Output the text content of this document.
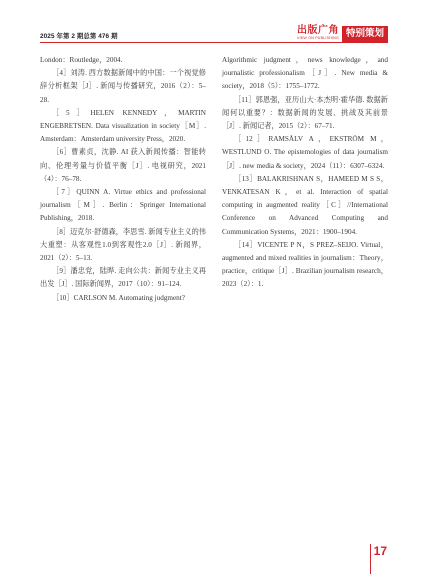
2025 年第 2 期总第 476 期
出版广角
VIEW ON PUBLISHING 特别策划

London：Routledge，2004.

［4］刘涛. 西方数据新闻中的中国：一个视觉修辞分析框架［J］. 新闻与传播研究，2016（2）：5–28.

［5］HELEN KENNEDY，MARTIN ENGEBRETSEN. Data visualization in society［M］. Amsterdam：Amsterdam university Press，2020.

［6］曹素贞，沈静. AI 获入新闻传播：智能转向、伦理考量与价值平衡［J］. 电视研究，2021（4）：76–78.

［7］QUINN A. Virtue ethics and professional journalism［M］. Berlin：Springer International Publishing，2018.

［8］迈克尔·舒德森，李思雪. 新闻专业主义的伟大重塑：从客观性1.0到客观性2.0［J］. 新闻界，2021（2）：5–13.

［9］潘忠党，陆晔. 走向公共：新闻专业主义再出发［J］. 国际新闻界，2017（10）：91–124.

［10］CARLSON M. Automating judgment?

Algorithmic judgment，news knowledge，and journalistic professionalism［J］. New media & society，2018（5）：1755–1772.

［11］郭恩强，亚历山大·本杰明·霍华德. 数据新闻何以重要？：数据新闻的发展、挑战及其前景［J］. 新闻记者，2015（2）：67–71.

［12］RAMSÅLV A，EKSTRÖM M，WESTLUND O. The epistemologies of data journalism［J］. new media & society，2024（11）：6307–6324.

［13］BALAKRISHNAN S，HAMEED M S S，VENKATESAN K，et al. Interaction of spatial computing in augmented reality［C］//International Conference on Advanced Computing and Communication Systems，2021：1900–1904.

［14］VICENTE P N，S PREZ–SEIJO. Virtual，augmented and mixed realities in journalism：Theory，practice，critique［J］. Brazilian journalism research，2023（2）：1.

17
